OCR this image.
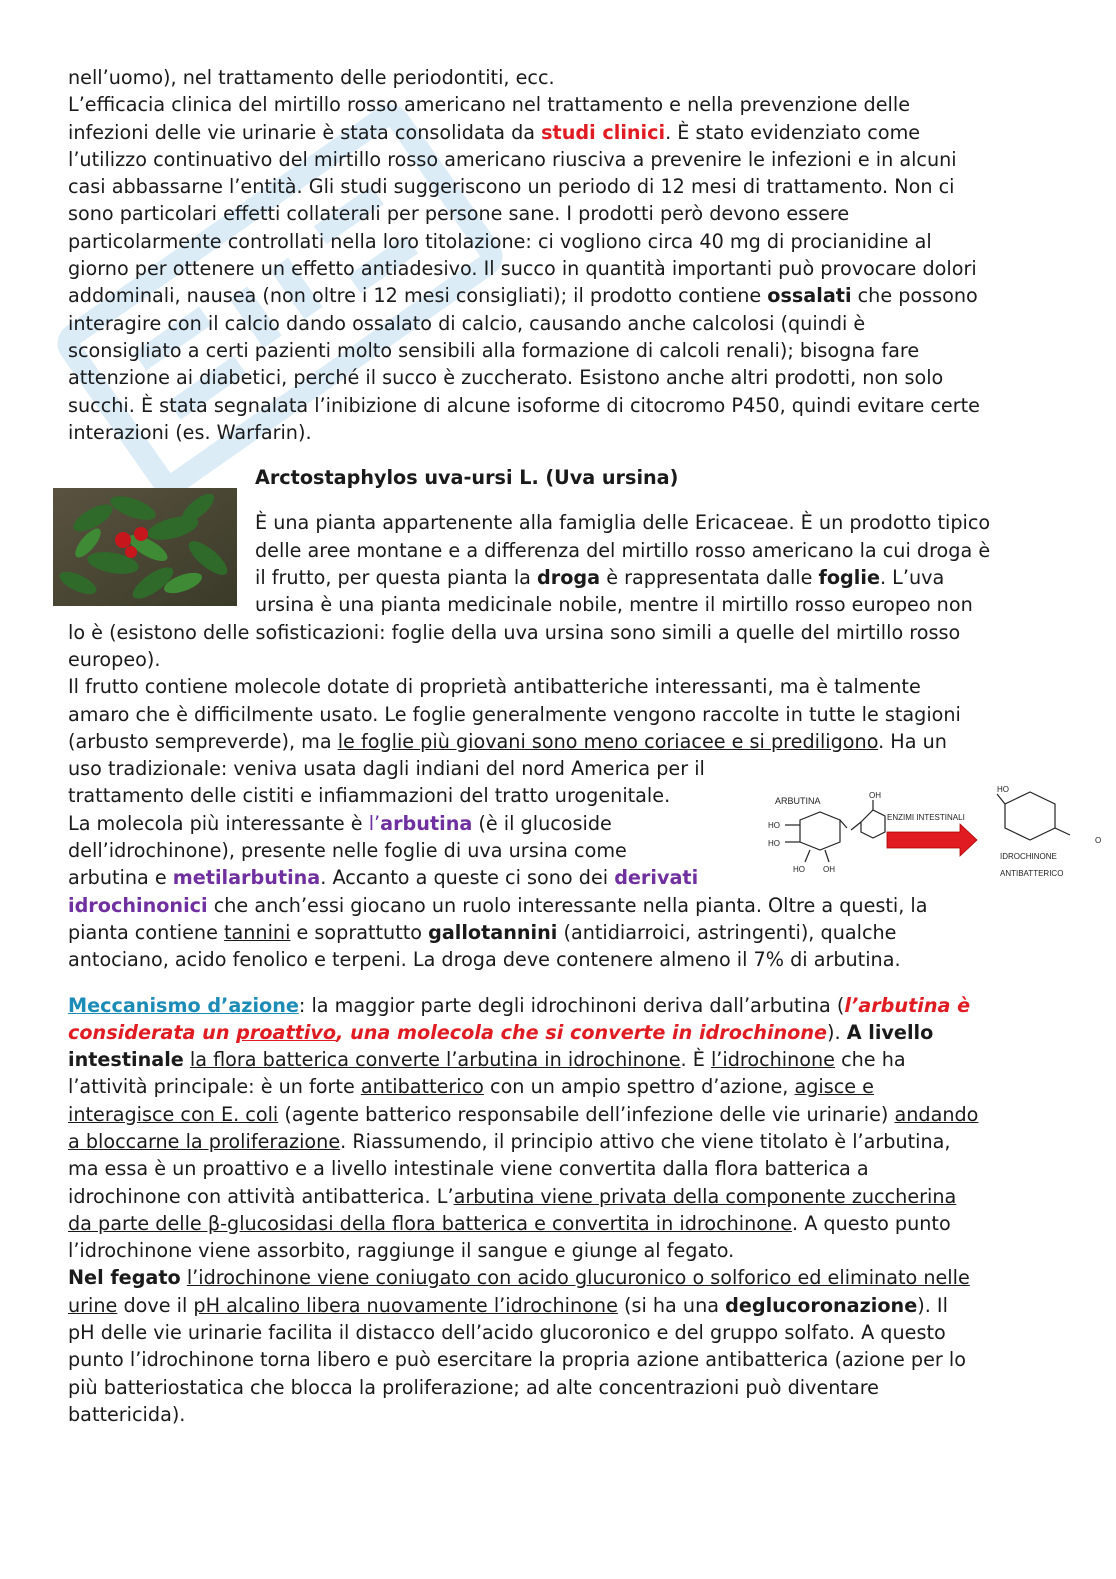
ARBUTINA
OH
HO
HO
HO OH
ENZIMI INTESTINALI
HO
O
IDROCHINONE
ANTIBATTERICO

nell’uomo), nel trattamento delle periodontiti, ecc.
L’efficacia clinica del mirtillo rosso americano nel trattamento e nella prevenzione delle
infezioni delle vie urinarie è stata consolidata da studi clinici. È stato evidenziato come
l’utilizzo continuativo del mirtillo rosso americano riusciva a prevenire le infezioni e in alcuni
casi abbassarne l’entità. Gli studi suggeriscono un periodo di 12 mesi di trattamento. Non ci
sono particolari effetti collaterali per persone sane. I prodotti però devono essere
particolarmente controllati nella loro titolazione: ci vogliono circa 40 mg di procianidine al
giorno per ottenere un effetto antiadesivo. Il succo in quantità importanti può provocare dolori
addominali, nausea (non oltre i 12 mesi consigliati); il prodotto contiene ossalati che possono
interagire con il calcio dando ossalato di calcio, causando anche calcolosi (quindi è
sconsigliato a certi pazienti molto sensibili alla formazione di calcoli renali); bisogna fare
attenzione ai diabetici, perché il succo è zuccherato. Esistono anche altri prodotti, non solo
succhi. È stata segnalata l’inibizione di alcune isoforme di citocromo P450, quindi evitare certe
interazioni (es. Warfarin).

Arctostaphylos uva-ursi L. (Uva ursina)

È una pianta appartenente alla famiglia delle Ericaceae. È un prodotto tipico
delle aree montane e a differenza del mirtillo rosso americano la cui droga è
il frutto, per questa pianta la droga è rappresentata dalle foglie. L’uva
ursina è una pianta medicinale nobile, mentre il mirtillo rosso europeo non
lo è (esistono delle sofisticazioni: foglie della uva ursina sono simili a quelle del mirtillo rosso
europeo).
Il frutto contiene molecole dotate di proprietà antibatteriche interessanti, ma è talmente
amaro che è difficilmente usato. Le foglie generalmente vengono raccolte in tutte le stagioni
(arbusto sempreverde), ma le foglie più giovani sono meno coriacee e si prediligono. Ha un
uso tradizionale: veniva usata dagli indiani del nord America per il
trattamento delle cistiti e infiammazioni del tratto urogenitale.
La molecola più interessante è l’arbutina (è il glucoside
dell’idrochinone), presente nelle foglie di uva ursina come
arbutina e metilarbutina. Accanto a queste ci sono dei derivati
idrochinonici che anch’essi giocano un ruolo interessante nella pianta. Oltre a questi, la
pianta contiene tannini e soprattutto gallotannini (antidiarroici, astringenti), qualche
antociano, acido fenolico e terpeni. La droga deve contenere almeno il 7% di arbutina.

Meccanismo d’azione: la maggior parte degli idrochinoni deriva dall’arbutina (l’arbutina è
considerata un proattivo, una molecola che si converte in idrochinone). A livello
intestinale la flora batterica converte l’arbutina in idrochinone. È l’idrochinone che ha
l’attività principale: è un forte antibatterico con un ampio spettro d’azione, agisce e
interagisce con E. coli (agente batterico responsabile dell’infezione delle vie urinarie) andando
a bloccarne la proliferazione. Riassumendo, il principio attivo che viene titolato è l’arbutina,
ma essa è un proattivo e a livello intestinale viene convertita dalla flora batterica a
idrochinone con attività antibatterica. L’arbutina viene privata della componente zuccherina
da parte delle β-glucosidasi della flora batterica e convertita in idrochinone. A questo punto
l’idrochinone viene assorbito, raggiunge il sangue e giunge al fegato.
Nel fegato l’idrochinone viene coniugato con acido glucuronico o solforico ed eliminato nelle
urine dove il pH alcalino libera nuovamente l’idrochinone (si ha una deglucoronazione). Il
pH delle vie urinarie facilita il distacco dell’acido glucoronico e del gruppo solfato. A questo
punto l’idrochinone torna libero e può esercitare la propria azione antibatterica (azione per lo
più batteriostatica che blocca la proliferazione; ad alte concentrazioni può diventare
battericida).
